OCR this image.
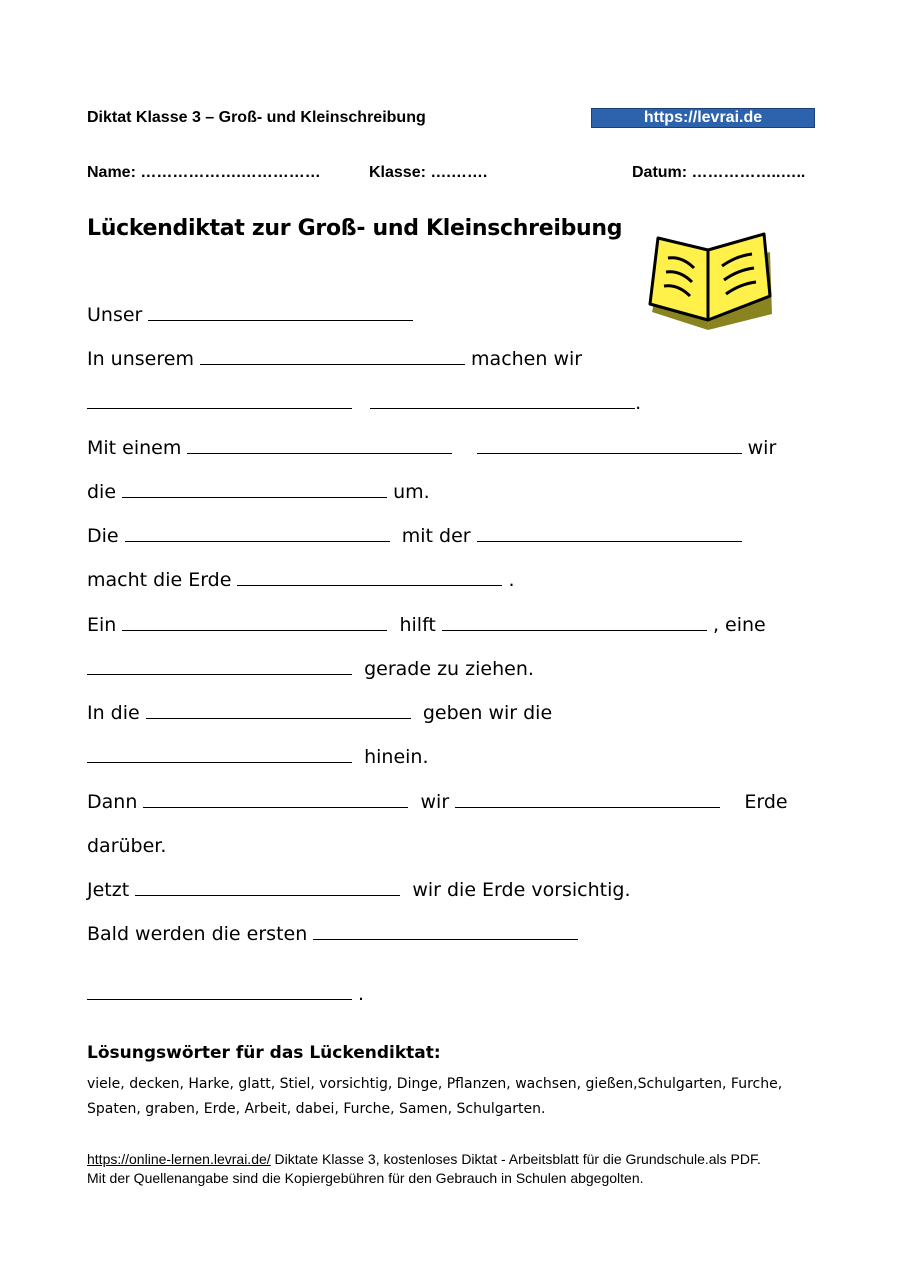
Diktat Klasse 3 – Groß- und Kleinschreibung	https://levrai.de
Name: ……………….……………	Klasse: ….…….	Datum: ……………..…..
Lückendiktat zur Groß- und Kleinschreibung
Unser
In unserem	machen wir
.
Mit einem	wir
die	um.
Die	mit der
macht die Erde	.
Ein	hilft	, eine
gerade zu ziehen.
In die	geben wir die
hinein.
Dann	wir	Erde
darüber.
Jetzt	wir die Erde vorsichtig.
Bald werden die ersten
.
Lösungswörter für das Lückendiktat:
viele, decken, Harke, glatt, Stiel, vorsichtig, Dinge, Pflanzen, wachsen, gießen,Schulgarten, Furche,
Spaten, graben, Erde, Arbeit, dabei, Furche, Samen, Schulgarten.
https://online-lernen.levrai.de/ Diktate Klasse 3, kostenloses Diktat - Arbeitsblatt für die Grundschule.als PDF.
Mit der Quellenangabe sind die Kopiergebühren für den Gebrauch in Schulen abgegolten.
